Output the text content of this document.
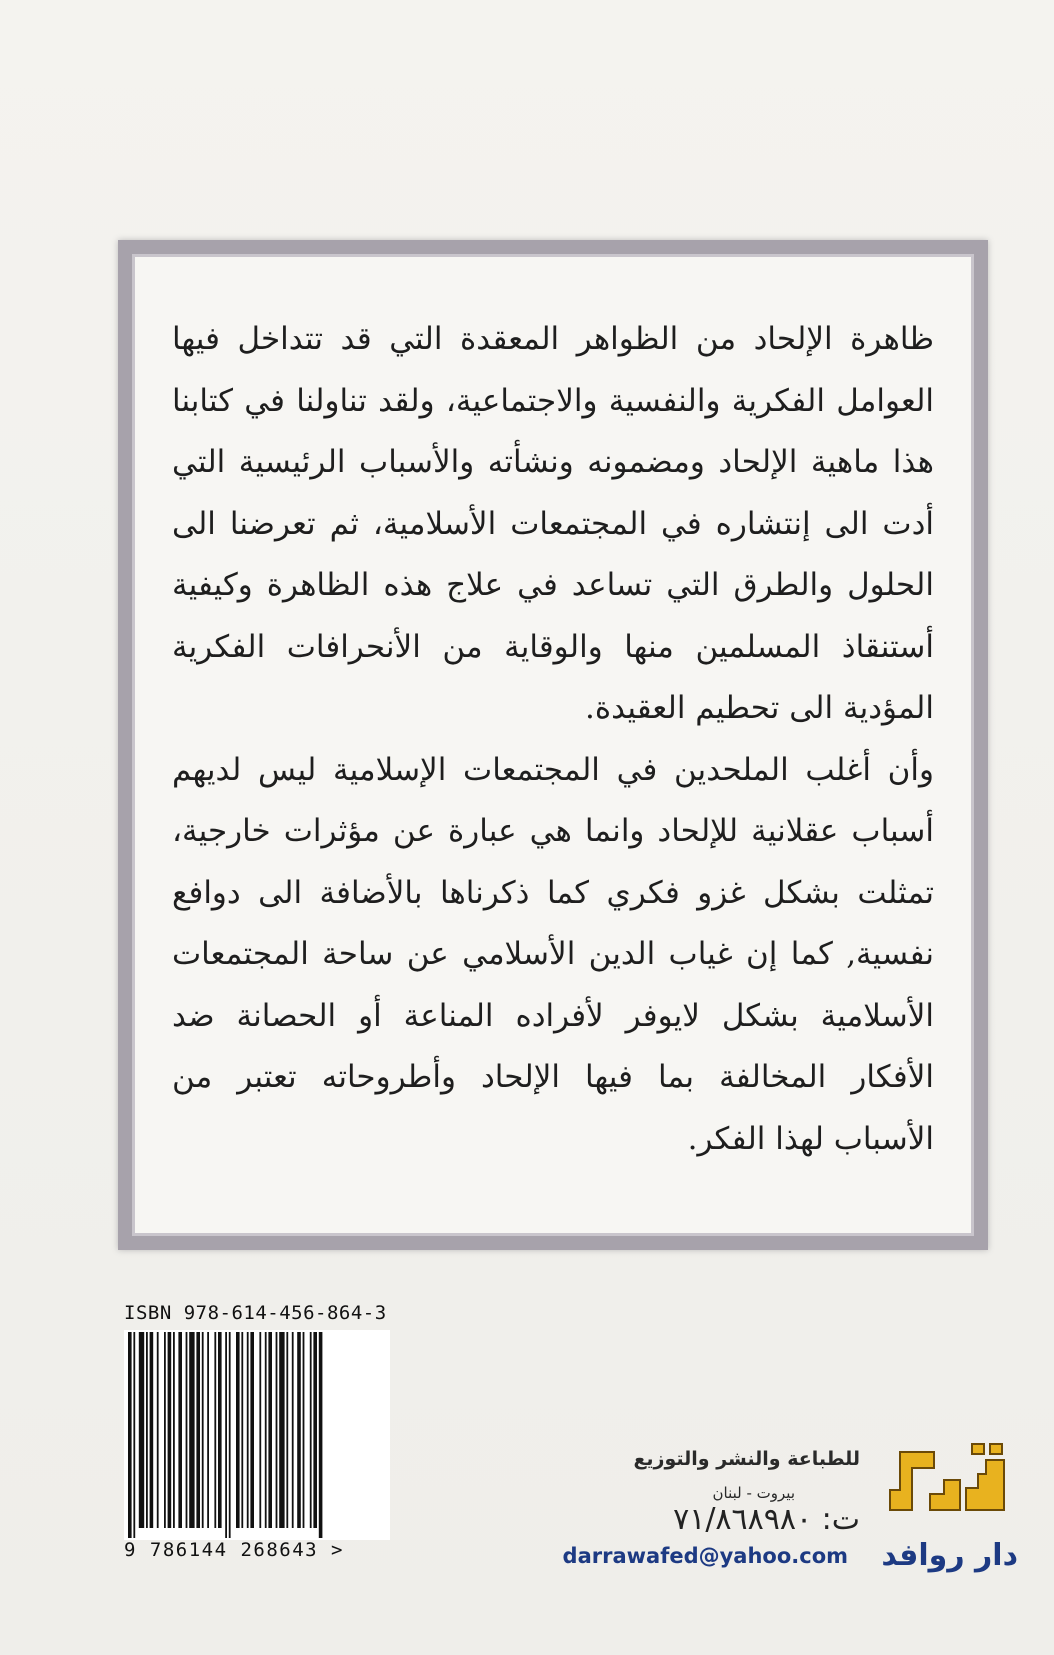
ظاهرة الإلحاد من الظواهر المعقدة التي قد تتداخل فيها العوامل الفكرية والنفسية والاجتماعية، ولقد تناولنا في كتابنا هذا ماهية الإلحاد ومضمونه ونشأته والأسباب الرئيسية التي أدت الى إنتشاره في المجتمعات الأسلامية، ثم تعرضنا الى الحلول والطرق التي تساعد في علاج هذه الظاهرة وكيفية أستنقاذ المسلمين منها والوقاية من الأنحرافات الفكرية المؤدية الى تحطيم العقيدة.

وأن أغلب الملحدين في المجتمعات الإسلامية ليس لديهم أسباب عقلانية للإلحاد وانما هي عبارة عن مؤثرات خارجية، تمثلت بشكل غزو فكري كما ذكرناها بالأضافة الى دوافع نفسية, كما إن غياب الدين الأسلامي عن ساحة المجتمعات الأسلامية بشكل لايوفر لأفراده المناعة أو الحصانة ضد الأفكار المخالفة بما فيها الإلحاد وأطروحاته تعتبر من الأسباب لهذا الفكر.

ISBN 978-614-456-864-3
9 786144 268643 >
للطباعة والنشر والتوزيع
بيروت - لبنان
ت: ٧١/٨٦٨٩٨٠
darrawafed@yahoo.com دار روافد
